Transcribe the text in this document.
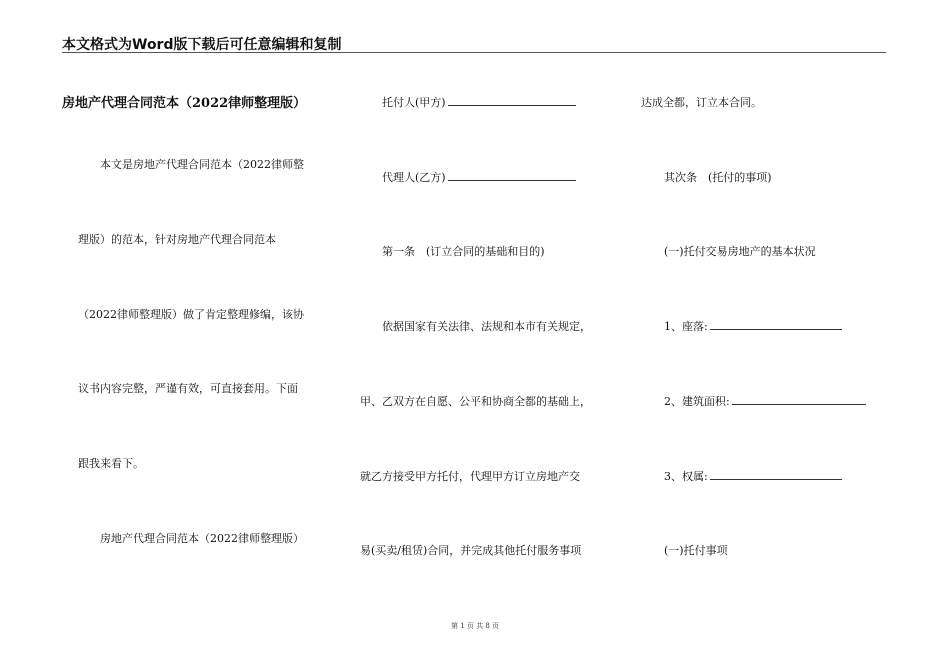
本文格式为Word版下载后可任意编辑和复制
房地产代理合同范本（2022律师整理版）
本文是房地产代理合同范本（2022律师整
理版）的范本，针对房地产代理合同范本
（2022律师整理版）做了肯定整理修编，该协
议书内容完整，严谨有效，可直接套用。下面
跟我来看下。
房地产代理合同范本（2022律师整理版）
托付人(甲方)
代理人(乙方)
第一条　(订立合同的基础和目的)
依据国家有关法律、法规和本市有关规定，
甲、乙双方在自愿、公平和协商全都的基础上，
就乙方接受甲方托付，代理甲方订立房地产交
易(买卖/租赁)合同，并完成其他托付服务事项
达成全都，订立本合同。
其次条　(托付的事项)
(一)托付交易房地产的基本状况
1、座落:
2、建筑面积:
3、权属:
(一)托付事项
第 1 页 共 8 页
